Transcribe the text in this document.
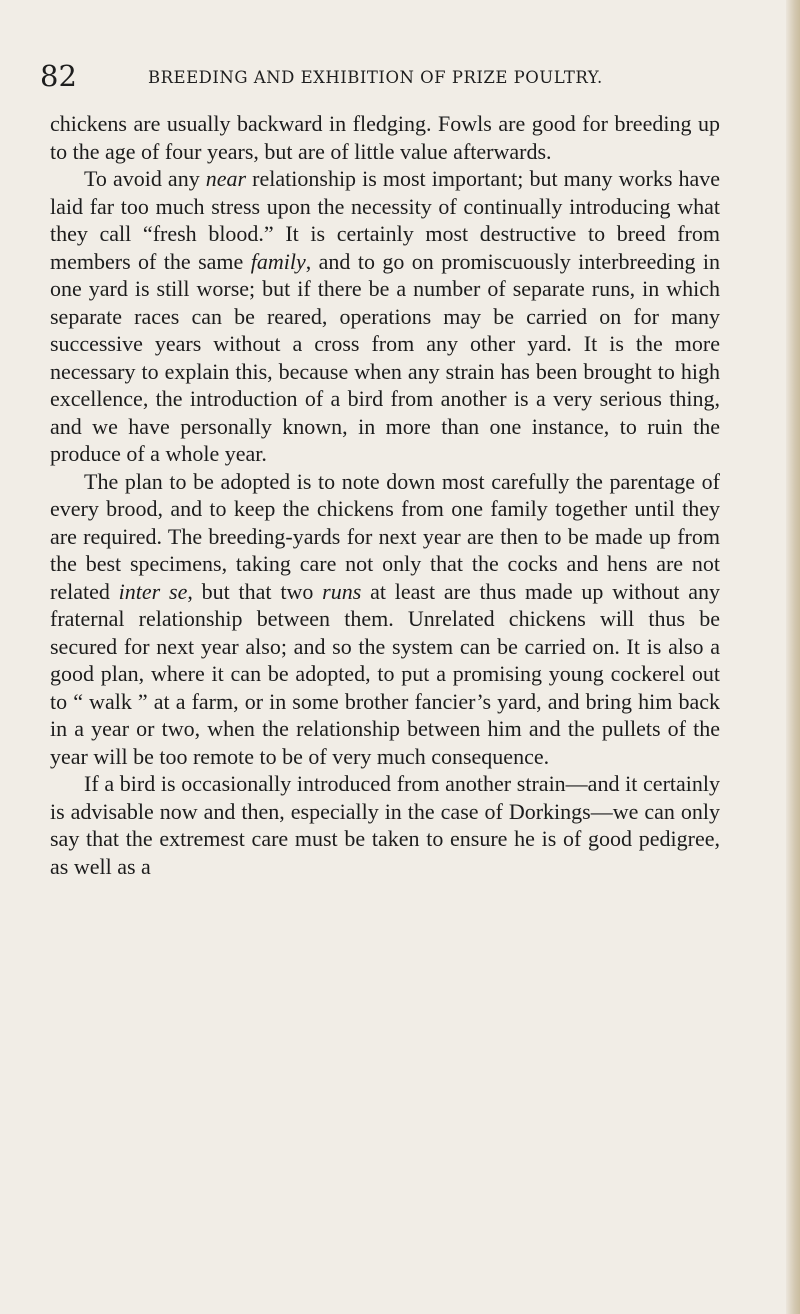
82	BREEDING AND EXHIBITION OF PRIZE POULTRY.

chickens are usually backward in fledging. Fowls are good for breeding up to the age of four years, but are of little value afterwards.

To avoid any near relationship is most important; but many works have laid far too much stress upon the necessity of continually introducing what they call “fresh blood.” It is certainly most destructive to breed from members of the same family, and to go on promiscuously interbreeding in one yard is still worse; but if there be a number of separate runs, in which separate races can be reared, operations may be carried on for many successive years without a cross from any other yard. It is the more necessary to explain this, because when any strain has been brought to high excellence, the introduction of a bird from another is a very serious thing, and we have personally known, in more than one instance, to ruin the produce of a whole year.

The plan to be adopted is to note down most carefully the parentage of every brood, and to keep the chickens from one family together until they are required. The breeding-yards for next year are then to be made up from the best specimens, taking care not only that the cocks and hens are not related inter se, but that two runs at least are thus made up without any fraternal relationship between them. Unrelated chickens will thus be secured for next year also; and so the system can be carried on. It is also a good plan, where it can be adopted, to put a promising young cockerel out to “ walk ” at a farm, or in some brother fancier’s yard, and bring him back in a year or two, when the relationship between him and the pullets of the year will be too remote to be of very much consequence.

If a bird is occasionally introduced from another strain—and it certainly is advisable now and then, especially in the case of Dorkings—we can only say that the extremest care must be taken to ensure he is of good pedigree, as well as a
